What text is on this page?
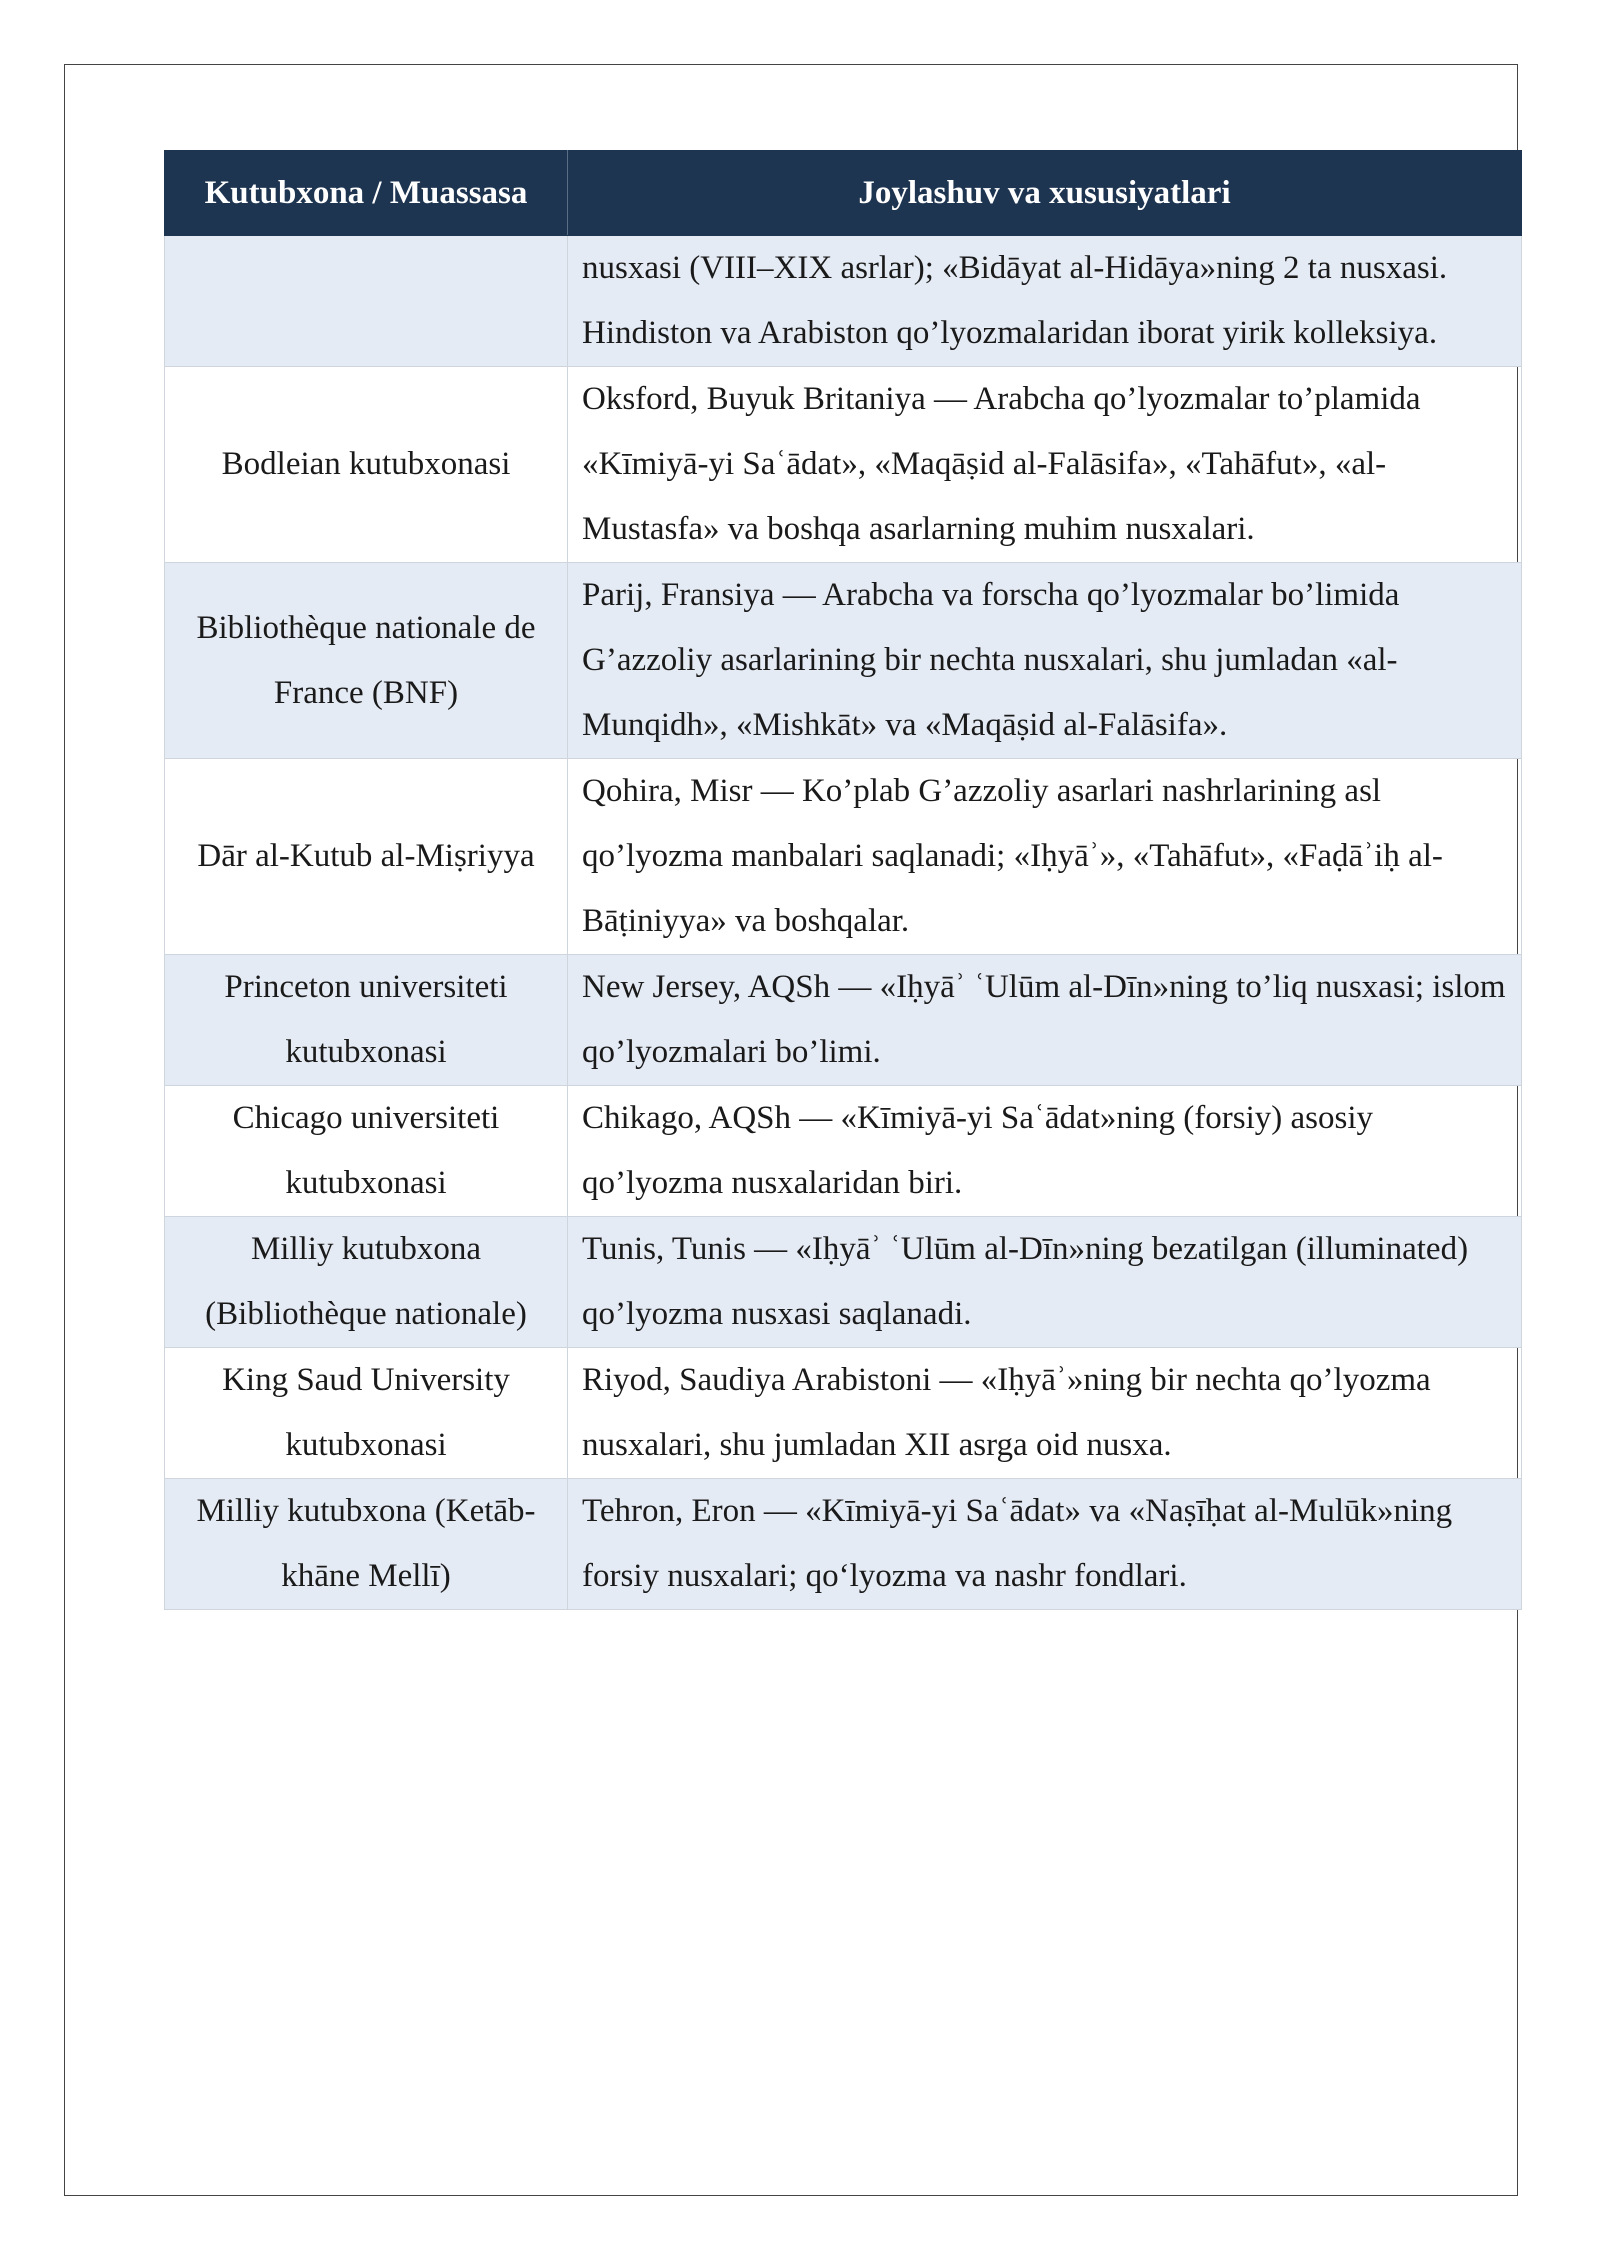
Kutubxona / Muassasa	Joylashuv va xususiyatlari
	nusxasi (VIII–XIX asrlar); «Bidāyat al-Hidāya»ning 2 ta nusxasi. Hindiston va Arabiston qo’lyozmalaridan iborat yirik kolleksiya.
Bodleian kutubxonasi	Oksford, Buyuk Britaniya — Arabcha qo’lyozmalar to’plamida «Kīmiyā-yi Saʿādat», «Maqāṣid al-Falāsifa», «Tahāfut», «al-Mustasfa» va boshqa asarlarning muhim nusxalari.
Bibliothèque nationale de France (BNF)	Parij, Fransiya — Arabcha va forscha qo’lyozmalar bo’limida G’azzoliy asarlarining bir nechta nusxalari, shu jumladan «al-Munqidh», «Mishkāt» va «Maqāṣid al-Falāsifa».
Dār al-Kutub al-Miṣriyya	Qohira, Misr — Ko’plab G’azzoliy asarlari nashrlarining asl qo’lyozma manbalari saqlanadi; «Iḥyāʾ», «Tahāfut», «Faḍāʾiḥ al-Bāṭiniyya» va boshqalar.
Princeton universiteti kutubxonasi	New Jersey, AQSh — «Iḥyāʾ ʿUlūm al-Dīn»ning to’liq nusxasi; islom qo’lyozmalari bo’limi.
Chicago universiteti kutubxonasi	Chikago, AQSh — «Kīmiyā-yi Saʿādat»ning (forsiy) asosiy qo’lyozma nusxalaridan biri.
Milliy kutubxona (Bibliothèque nationale)	Tunis, Tunis — «Iḥyāʾ ʿUlūm al-Dīn»ning bezatilgan (illuminated) qo’lyozma nusxasi saqlanadi.
King Saud University kutubxonasi	Riyod, Saudiya Arabistoni — «Iḥyāʾ»ning bir nechta qo’lyozma nusxalari, shu jumladan XII asrga oid nusxa.
Milliy kutubxona (Ketāb-khāne Mellī)	Tehron, Eron — «Kīmiyā-yi Saʿādat» va «Naṣīḥat al-Mulūk»ning forsiy nusxalari; qo‘lyozma va nashr fondlari.
